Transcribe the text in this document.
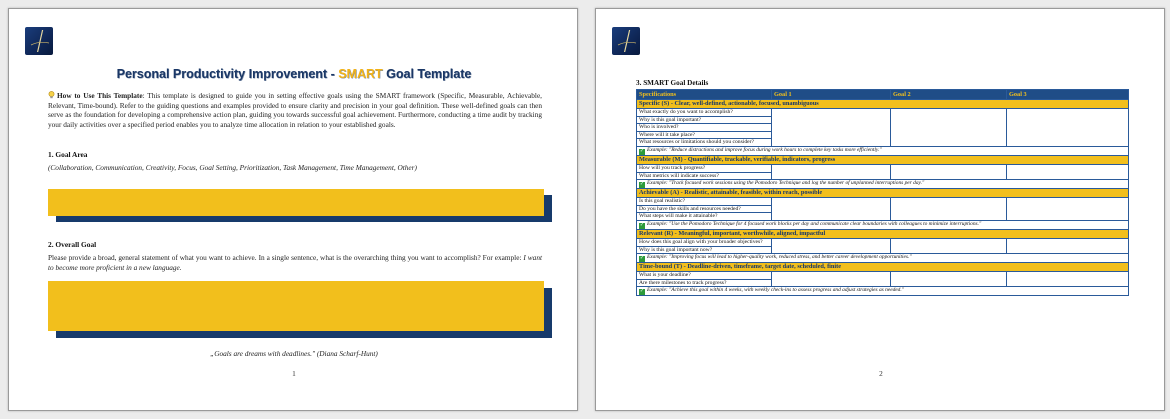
Personal Productivity Improvement - SMART Goal Template
How to Use This Template: This template is designed to guide you in setting effective goals using the SMART framework (Specific, Measurable, Achievable, Relevant, Time-bound). Refer to the guiding questions and examples provided to ensure clarity and precision in your goal definition. These well-defined goals can then serve as the foundation for developing a comprehensive action plan, guiding you towards successful goal achievement. Furthermore, conducting a time audit by tracking your daily activities over a specified period enables you to analyze time allocation in relation to your established goals.
1. Goal Area
(Collaboration, Communication, Creativity, Focus, Goal Setting, Prioritization, Task Management, Time Management, Other)
2. Overall Goal
Please provide a broad, general statement of what you want to achieve. In a single sentence, what is the overarching thing you want to accomplish? For example: I want to become more proficient in a new language.
„Goals are dreams with deadlines." (Diana Scharf-Hunt)
1
3. SMART Goal Details
Specifications	Goal 1	Goal 2	Goal 3
Specific (S) - Clear, well-defined, actionable, focused, unambiguous			
What exactly do you want to accomplish?			
Why is this goal important?			
Who is involved?			
Where will it take place?			
What resources or limitations should you consider?			
✓ Example: "Reduce distractions and improve focus during work hours to complete key tasks more efficiently."			
Measurable (M) - Quantifiable, trackable, verifiable, indicators, progress			
How will you track progress?			
What metrics will indicate success?			
✓ Example: "Track focused work sessions using the Pomodoro Technique and log the number of unplanned interruptions per day."			
Achievable (A) - Realistic, attainable, feasible, within reach, possible			
Is this goal realistic?			
Do you have the skills and resources needed?			
What steps will make it attainable?			
✓ Example: "Use the Pomodoro Technique for 4 focused work blocks per day and communicate clear boundaries with colleagues to minimize interruptions."			
Relevant (R) - Meaningful, important, worthwhile, aligned, impactful			
How does this goal align with your broader objectives?			
Why is this goal important now?			
✓ Example: "Improving focus will lead to higher-quality work, reduced stress, and better career development opportunities."			
Time-bound (T) - Deadline-driven, timeframe, target date, scheduled, finite			
What is your deadline?			
Are there milestones to track progress?			
✓ Example: "Achieve this goal within 4 weeks, with weekly check-ins to assess progress and adjust strategies as needed."			
2
